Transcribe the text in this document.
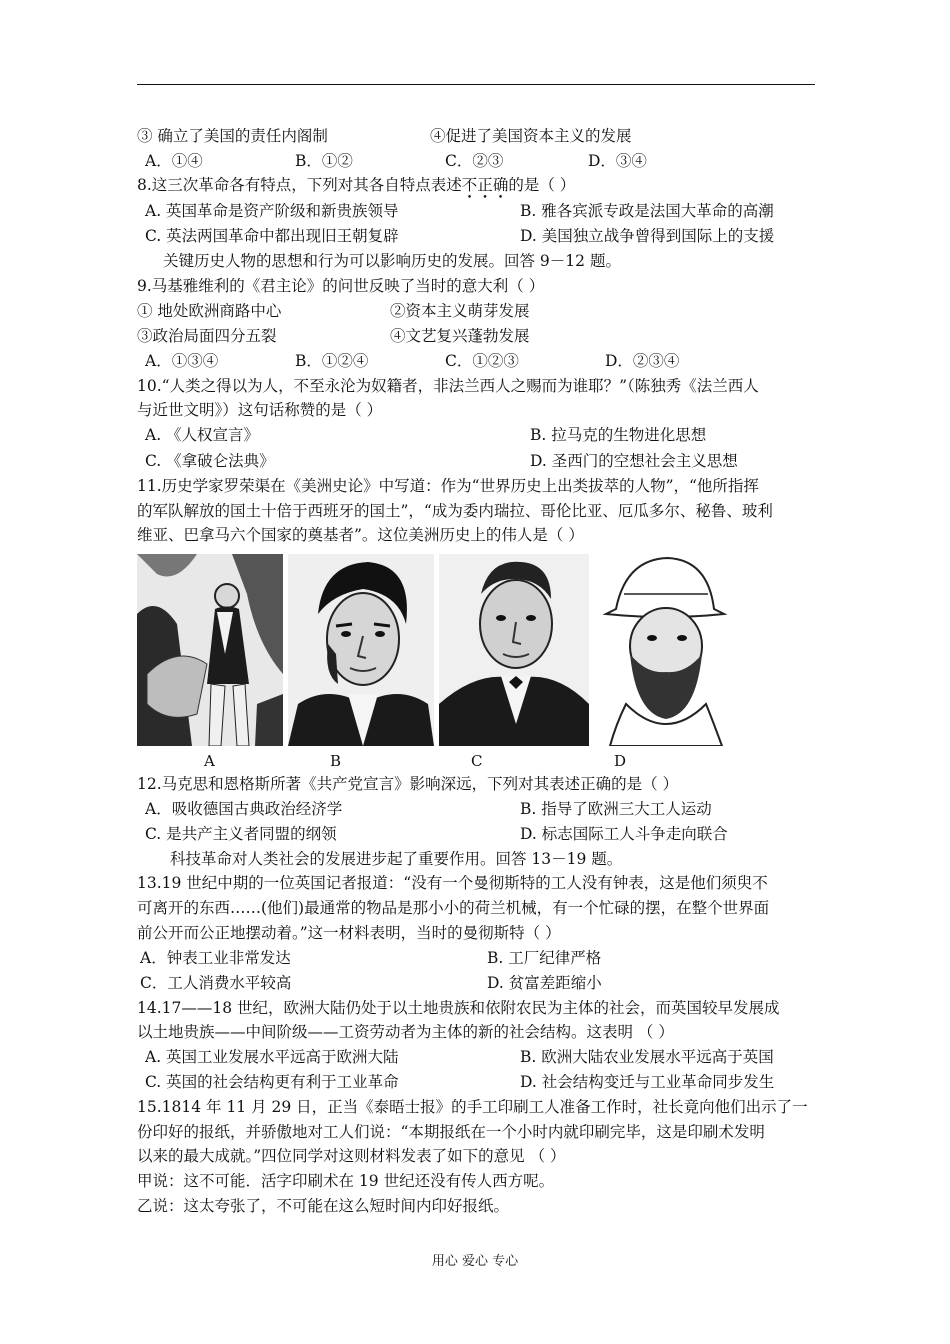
③ 确立了美国的责任内阁制	④促进了美国资本主义的发展
A．①④	B．①②	C．②③	D．③④
8.这三次革命各有特点，下列对其各自特点表述不正确的是（ ）
A. 英国革命是资产阶级和新贵族领导	B. 雅各宾派专政是法国大革命的高潮
C. 英法两国革命中都出现旧王朝复辟	D. 美国独立战争曾得到国际上的支援
关键历史人物的思想和行为可以影响历史的发展。回答 9－12 题。
9.马基雅维利的《君主论》的问世反映了当时的意大利（ ）
① 地处欧洲商路中心	②资本主义萌芽发展
③政治局面四分五裂	④文艺复兴蓬勃发展
A．①③④	B．①②④	C．①②③	D．②③④
10.“人类之得以为人，不至永沦为奴籍者，非法兰西人之赐而为谁耶？”（陈独秀《法兰西人
与近世文明》）这句话称赞的是（ ）
A. 《人权宣言》	B. 拉马克的生物进化思想
C. 《拿破仑法典》	D. 圣西门的空想社会主义思想
11.历史学家罗荣渠在《美洲史论》中写道：作为“世界历史上出类拔萃的人物”，“他所指挥
的军队解放的国土十倍于西班牙的国土”，“成为委内瑞拉、哥伦比亚、厄瓜多尔、秘鲁、玻利
维亚、巴拿马六个国家的奠基者”。这位美洲历史上的伟人是（ ）
A	B	C	D
12.马克思和恩格斯所著《共产党宣言》影响深远，下列对其表述正确的是（ ）
A．吸收德国古典政治经济学	B. 指导了欧洲三大工人运动
C. 是共产主义者同盟的纲领	D. 标志国际工人斗争走向联合
科技革命对人类社会的发展进步起了重要作用。回答 13－19 题。
13.19 世纪中期的一位英国记者报道：“没有一个曼彻斯特的工人没有钟表，这是他们须臾不
可离开的东西……(他们)最通常的物品是那小小的荷兰机械，有一个忙碌的摆，在整个世界面
前公开而公正地摆动着。”这一材料表明，当时的曼彻斯特（ ）
A．钟表工业非常发达	B. 工厂纪律严格
C．工人消费水平较高	D. 贫富差距缩小
14.17——18 世纪，欧洲大陆仍处于以土地贵族和依附农民为主体的社会，而英国较早发展成
以土地贵族——中间阶级——工资劳动者为主体的新的社会结构。这表明 （ ）
A. 英国工业发展水平远高于欧洲大陆	B. 欧洲大陆农业发展水平远高于英国
C. 英国的社会结构更有利于工业革命	D. 社会结构变迁与工业革命同步发生
15.1814 年 11 月 29 日，正当《泰晤士报》的手工印刷工人准备工作时，社长竟向他们出示了一
份印好的报纸，并骄傲地对工人们说：“本期报纸在一个小时内就印刷完毕，这是印刷术发明
以来的最大成就。”四位同学对这则材料发表了如下的意见 （ ）
甲说：这不可能．活字印刷术在 19 世纪还没有传人西方呢。
乙说：这太夸张了，不可能在这么短时间内印好报纸。
用心 爱心 专心
